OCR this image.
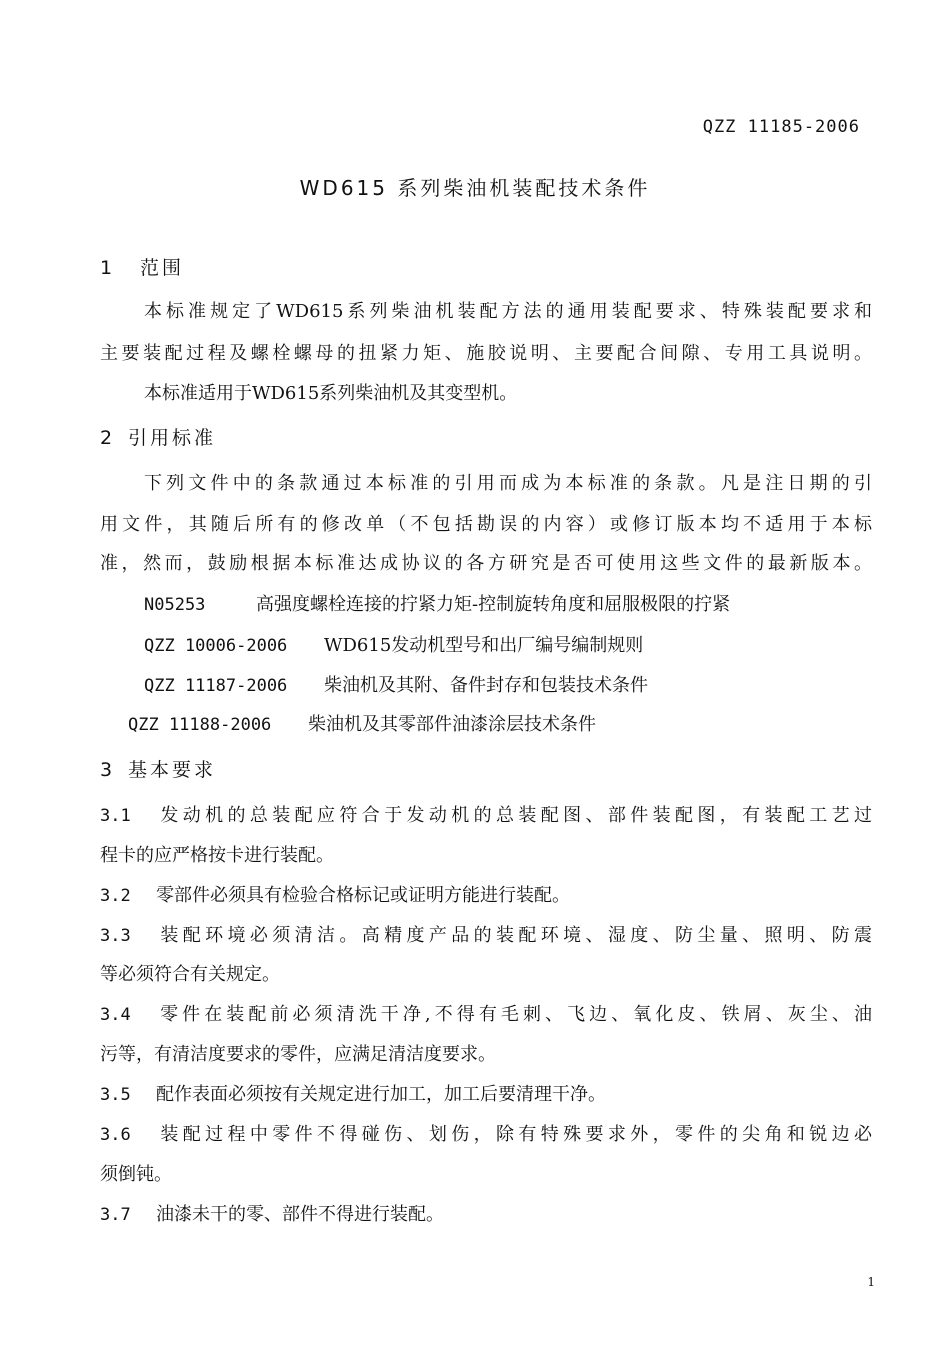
QZZ 11185-2006
WD615 系列柴油机装配技术条件
1 范围
本标准规定了WD615系列柴油机装配方法的通用装配要求、特殊装配要求和
主要装配过程及螺栓螺母的扭紧力矩、施胶说明、主要配合间隙、专用工具说明。
本标准适用于WD615系列柴油机及其变型机。
2 引用标准
下列文件中的条款通过本标准的引用而成为本标准的条款。凡是注日期的引
用文件，其随后所有的修改单（不包括勘误的内容）或修订版本均不适用于本标
准，然而，鼓励根据本标准达成协议的各方研究是否可使用这些文件的最新版本。
N05253	高强度螺栓连接的拧紧力矩-控制旋转角度和屈服极限的拧紧
QZZ 10006-2006 WD615发动机型号和出厂编号编制规则
QZZ 11187-2006 柴油机及其附、备件封存和包装技术条件
QZZ 11188-2006 柴油机及其零部件油漆涂层技术条件
3 基本要求
3.1 发动机的总装配应符合于发动机的总装配图、部件装配图，有装配工艺过
程卡的应严格按卡进行装配。
3.2 零部件必须具有检验合格标记或证明方能进行装配。
3.3 装配环境必须清洁。高精度产品的装配环境、湿度、防尘量、照明、防震
等必须符合有关规定。
3.4 零件在装配前必须清洗干净,不得有毛刺、飞边、氧化皮、铁屑、灰尘、油
污等，有清洁度要求的零件，应满足清洁度要求。
3.5 配作表面必须按有关规定进行加工，加工后要清理干净。
3.6 装配过程中零件不得碰伤、划伤，除有特殊要求外，零件的尖角和锐边必
须倒钝。
3.7 油漆未干的零、部件不得进行装配。
1
